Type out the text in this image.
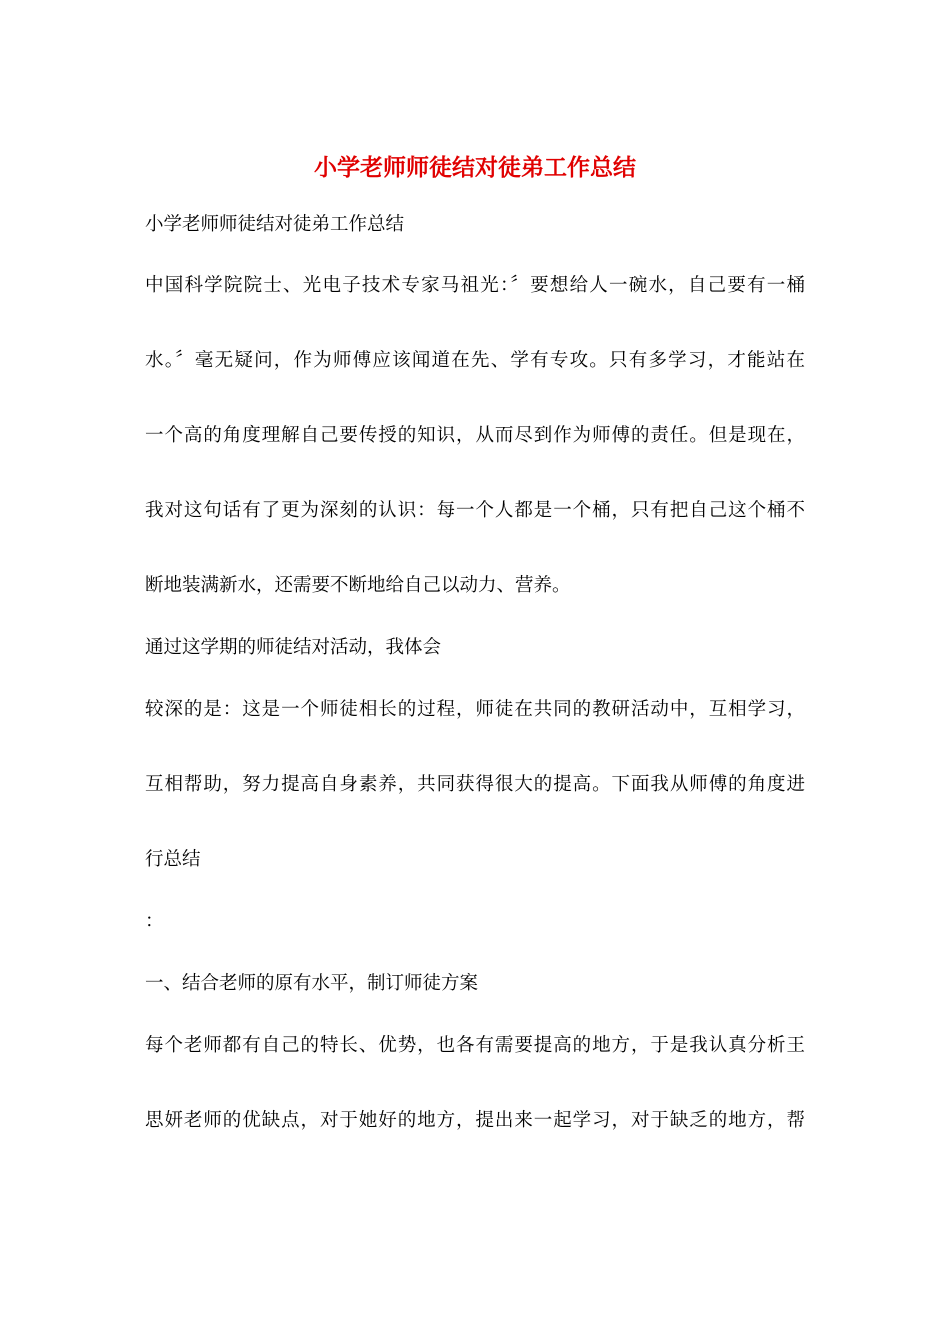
小学老师师徒结对徒弟工作总结

小学老师师徒结对徒弟工作总结

中国科学院院士、光电子技术专家马祖光：〞要想给人一碗水，自己要有一桶

水。〞毫无疑问，作为师傅应该闻道在先、学有专攻。只有多学习，才能站在

一个高的角度理解自己要传授的知识，从而尽到作为师傅的责任。但是现在，

我对这句话有了更为深刻的认识：每一个人都是一个桶，只有把自己这个桶不

断地装满新水，还需要不断地给自己以动力、营养。

通过这学期的师徒结对活动，我体会

较深的是：这是一个师徒相长的过程，师徒在共同的教研活动中，互相学习，

互相帮助，努力提高自身素养，共同获得很大的提高。下面我从师傅的角度进

行总结

：

一、结合老师的原有水平，制订师徒方案

每个老师都有自己的特长、优势，也各有需要提高的地方，于是我认真分析王

思妍老师的优缺点，对于她好的地方，提出来一起学习，对于缺乏的地方，帮
